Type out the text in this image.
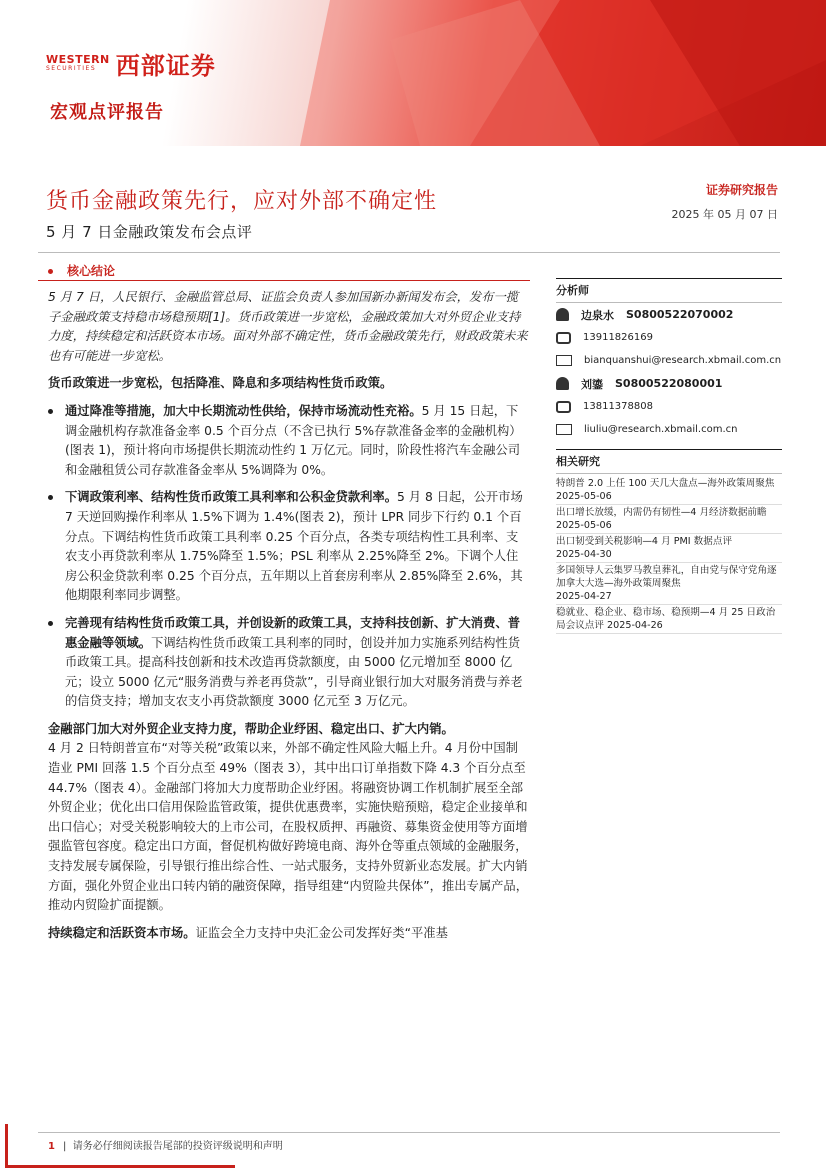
WESTERN
SECURITIES 西部证券
宏观点评报告
货币金融政策先行，应对外部不确定性
5 月 7 日金融政策发布会点评
证券研究报告
2025 年 05 月 07 日
核心结论

5 月 7 日，人民银行、金融监管总局、证监会负责人参加国新办新闻发布会，发布一揽子金融政策支持稳市场稳预期[1]。货币政策进一步宽松，金融政策加大对外贸企业支持力度，持续稳定和活跃资本市场。面对外部不确定性，货币金融政策先行，财政政策未来也有可能进一步宽松。

货币政策进一步宽松，包括降准、降息和多项结构性货币政策。

通过降准等措施，加大中长期流动性供给，保持市场流动性充裕。5 月 15 日起，下调金融机构存款准备金率 0.5 个百分点（不含已执行 5%存款准备金率的金融机构）(图表 1)，预计将向市场提供长期流动性约 1 万亿元。同时，阶段性将汽车金融公司和金融租赁公司存款准备金率从 5%调降为 0%。

下调政策利率、结构性货币政策工具利率和公积金贷款利率。5 月 8 日起，公开市场 7 天逆回购操作利率从 1.5%下调为 1.4%(图表 2)，预计 LPR 同步下行约 0.1 个百分点。下调结构性货币政策工具利率 0.25 个百分点，各类专项结构性工具利率、支农支小再贷款利率从 1.75%降至 1.5%；PSL 利率从 2.25%降至 2%。下调个人住房公积金贷款利率 0.25 个百分点，五年期以上首套房利率从 2.85%降至 2.6%，其他期限利率同步调整。

完善现有结构性货币政策工具，并创设新的政策工具，支持科技创新、扩大消费、普惠金融等领域。下调结构性货币政策工具利率的同时，创设并加力实施系列结构性货币政策工具。提高科技创新和技术改造再贷款额度，由 5000 亿元增加至 8000 亿元；设立 5000 亿元“服务消费与养老再贷款”，引导商业银行加大对服务消费与养老的信贷支持；增加支农支小再贷款额度 3000 亿元至 3 万亿元。

金融部门加大对外贸企业支持力度，帮助企业纾困、稳定出口、扩大内销。

4 月 2 日特朗普宣布“对等关税”政策以来，外部不确定性风险大幅上升。4 月份中国制造业 PMI 回落 1.5 个百分点至 49%（图表 3），其中出口订单指数下降 4.3 个百分点至 44.7%（图表 4）。金融部门将加大力度帮助企业纾困。将融资协调工作机制扩展至全部外贸企业；优化出口信用保险监管政策，提供优惠费率，实施快赔预赔，稳定企业接单和出口信心；对受关税影响较大的上市公司，在股权质押、再融资、募集资金使用等方面增强监管包容度。稳定出口方面，督促机构做好跨境电商、海外仓等重点领域的金融服务，支持发展专属保险，引导银行推出综合性、一站式服务，支持外贸新业态发展。扩大内销方面，强化外贸企业出口转内销的融资保障，指导组建“内贸险共保体”，推出专属产品，推动内贸险扩面提额。

持续稳定和活跃资本市场。证监会全力支持中央汇金公司发挥好类“平准基

分析师
边泉水 S0800522070002
13911826169
bianquanshui@research.xbmail.com.cn
刘鎏 S0800522080001
13811378808
liuliu@research.xbmail.com.cn
相关研究
特朗普 2.0 上任 100 天几大盘点—海外政策周聚焦
2025-05-06
出口增长放缓，内需仍有韧性—4 月经济数据前瞻
2025-05-06
出口韧受到关税影响—4 月 PMI 数据点评
2025-04-30
多国领导人云集罗马教皇葬礼，自由党与保守党角逐加拿大大选—海外政策周聚焦
2025-04-27
稳就业、稳企业、稳市场、稳预期—4 月 25 日政治局会议点评 2025-04-26
1 |  请务必仔细阅读报告尾部的投资评级说明和声明
